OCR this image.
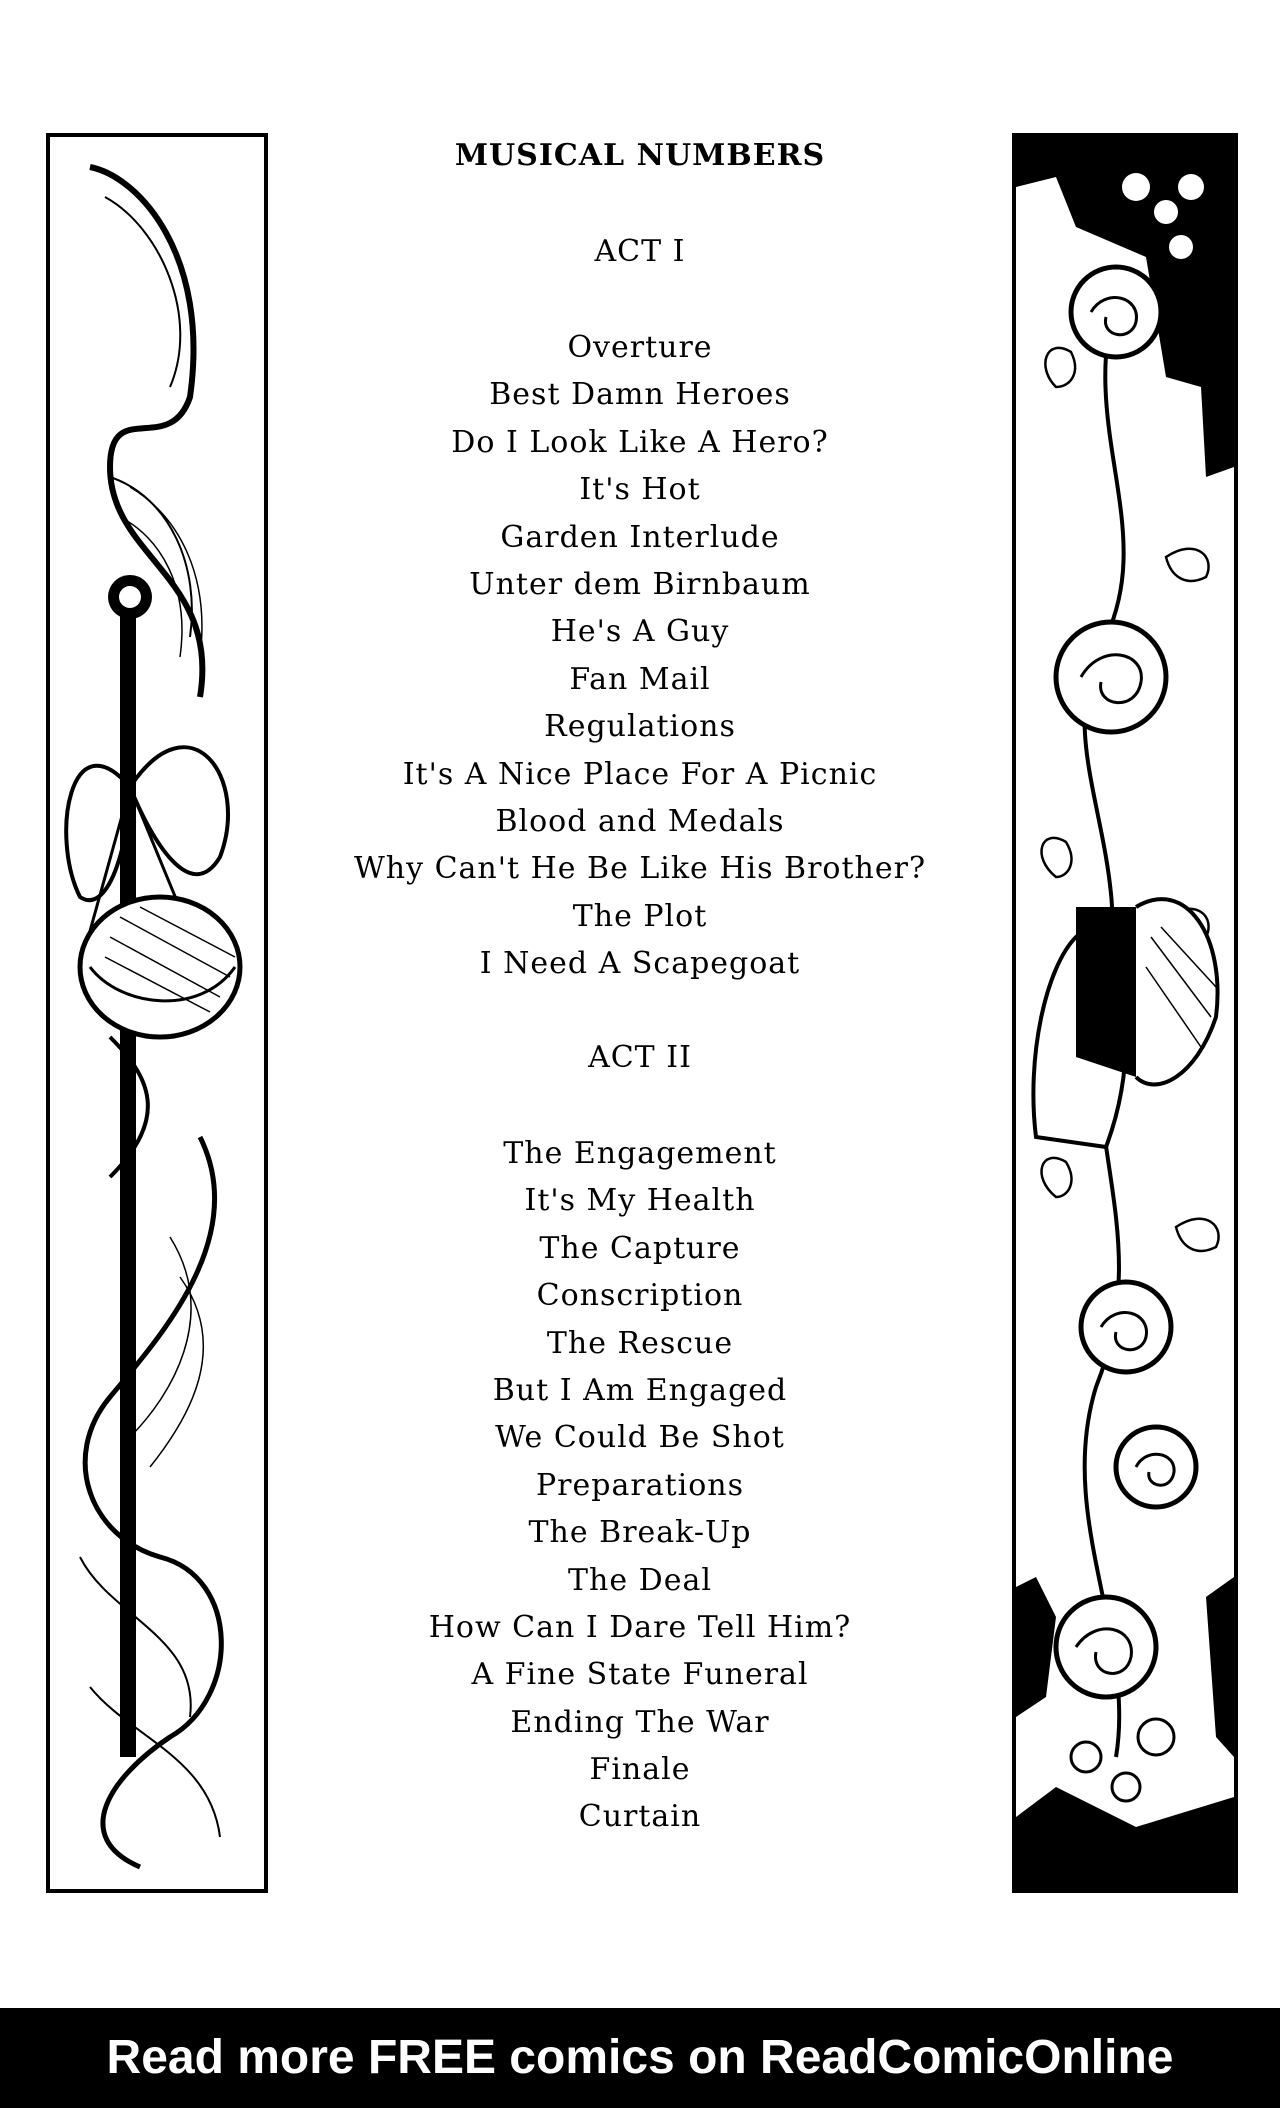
MUSICAL NUMBERS
ACT I
Overture
Best Damn Heroes
Do I Look Like A Hero?
It's Hot
Garden Interlude
Unter dem Birnbaum
He's A Guy
Fan Mail
Regulations
It's A Nice Place For A Picnic
Blood and Medals
Why Can't He Be Like His Brother?
The Plot
I Need A Scapegoat
ACT II
The Engagement
It's My Health
The Capture
Conscription
The Rescue
But I Am Engaged
We Could Be Shot
Preparations
The Break-Up
The Deal
How Can I Dare Tell Him?
A Fine State Funeral
Ending The War
Finale
Curtain
Read more FREE comics on ReadComicOnline
